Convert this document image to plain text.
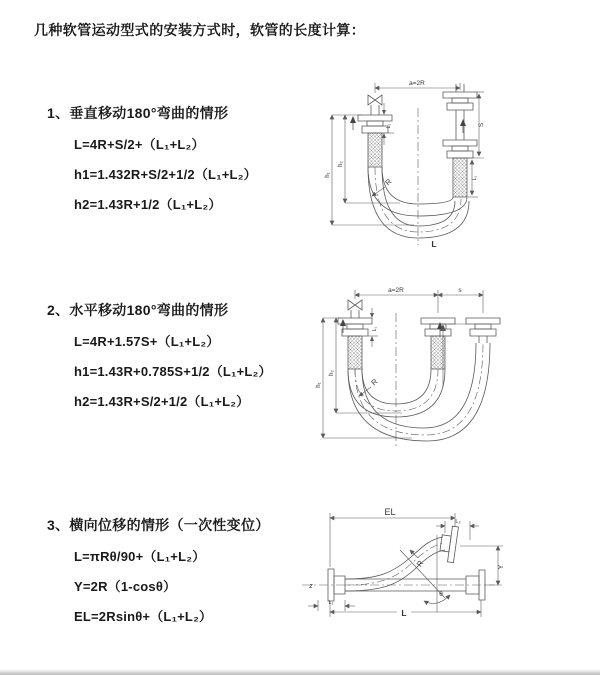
几种软管运动型式的安装方式时，软管的长度计算：
1、垂直移动180°弯曲的情形
L=4R+S/2+（L₁+L₂）
h1=1.432R+S/2+1/2（L₁+L₂）
h2=1.43R+1/2（L₁+L₂）
2、水平移动180°弯曲的情形
L=4R+1.57S+（L₁+L₂）
h1=1.43R+0.785S+1/2（L₁+L₂）
h2=1.43R+S/2+1/2（L₁+L₂）
3、横向位移的情形（一次性变位）
L=πRθ/90+（L₁+L₂）
Y=2R（1-cosθ）
EL=2Rsinθ+（L₁+L₂）
a=2R
h₂
h₁
L₁	S
L₁
R
L
a=2R	s
h₂
h₁
L₁
R
z
θ
R
EL
L₂
Y
L
L₁
